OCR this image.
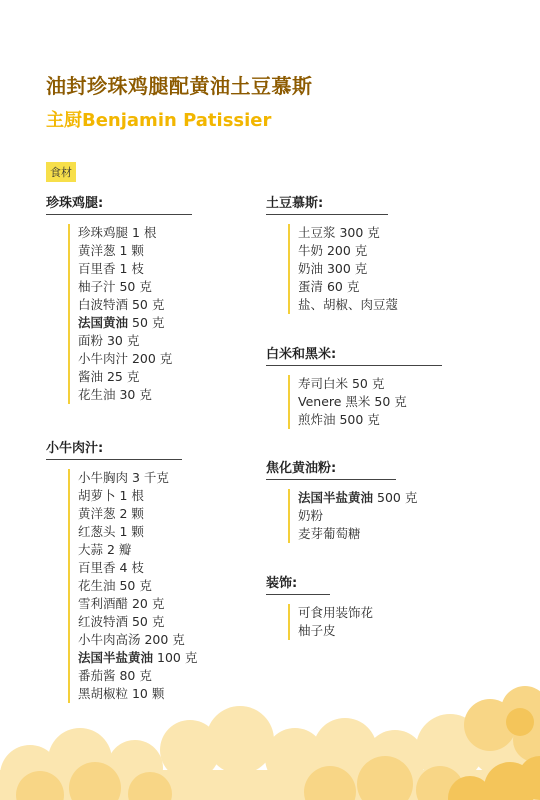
油封珍珠鸡腿配黄油土豆慕斯
主厨Benjamin Patissier
食材
珍珠鸡腿:
珍珠鸡腿 1 根
黄洋葱 1 颗
百里香 1 枝
柚子汁 50 克
白波特酒 50 克
法国黄油 50 克
面粉 30 克
小牛肉汁 200 克
酱油 25 克
花生油 30 克
小牛肉汁:
小牛胸肉 3 千克
胡萝卜 1 根
黄洋葱 2 颗
红葱头 1 颗
大蒜 2 瓣
百里香 4 枝
花生油 50 克
雪利酒醋 20 克
红波特酒 50 克
小牛肉高汤 200 克
法国半盐黄油 100 克
番茄酱 80 克
黑胡椒粒 10 颗
土豆慕斯:
土豆浆 300 克
牛奶 200 克
奶油 300 克
蛋清 60 克
盐、胡椒、肉豆蔻
白米和黑米:
寿司白米 50 克
Venere 黑米 50 克
煎炸油 500 克
焦化黄油粉:
法国半盐黄油 500 克
奶粉
麦芽葡萄糖
装饰:
可食用装饰花
柚子皮
